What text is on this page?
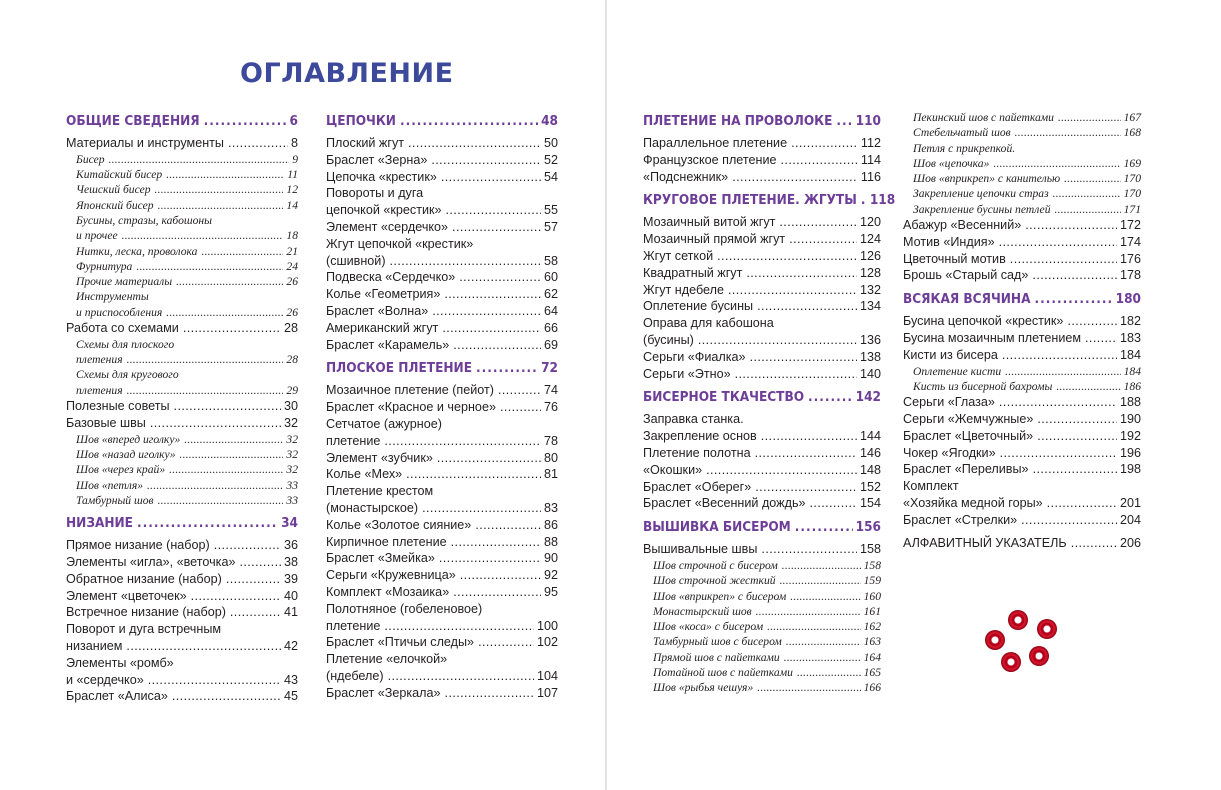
ОГЛАВЛЕНИЕ
ОБЩИЕ СВЕДЕНИЯ .....	6
Материалы и инструменты .....	8
Бисер .....	9
Китайский бисер .....	11
Чешский бисер .....	12
Японский бисер .....	14
Бусины, стразы, кабошоны
и прочее .....	18
Нитки, леска, проволока .....	21
Фурнитура .....	24
Прочие материалы .....	26
Инструменты
и приспособления .....	26
Работа со схемами .....	28
Схемы для плоского
плетения .....	28
Схемы для кругового
плетения .....	29
Полезные советы .....	30
Базовые швы .....	32
Шов «вперед иголку» .....	32
Шов «назад иголку» .....	32
Шов «через край» .....	32
Шов «петля» .....	33
Тамбурный шов .....	33
НИЗАНИЕ .....	34
Прямое низание (набор) .....	36
Элементы «игла», «веточка» .....	38
Обратное низание (набор) .....	39
Элемент «цветочек» .....	40
Встречное низание (набор) .....	41
Поворот и дуга встречным
низанием .....	42
Элементы «ромб»
и «сердечко» .....	43
Браслет «Алиса» .....	45
ЦЕПОЧКИ .....	48
Плоский жгут .....	50
Браслет «Зерна» .....	52
Цепочка «крестик» .....	54
Повороты и дуга
цепочкой «крестик» .....	55
Элемент «сердечко» .....	57
Жгут цепочкой «крестик»
(сшивной) .....	58
Подвеска «Сердечко» .....	60
Колье «Геометрия» .....	62
Браслет «Волна» .....	64
Американский жгут .....	66
Браслет «Карамель» .....	69
ПЛОСКОЕ ПЛЕТЕНИЕ .....	72
Мозаичное плетение (пейот) .....	74
Браслет «Красное и черное» .....	76
Сетчатое (ажурное)
плетение .....	78
Элемент «зубчик» .....	80
Колье «Мех» .....	81
Плетение крестом
(монастырское) .....	83
Колье «Золотое сияние» .....	86
Кирпичное плетение .....	88
Браслет «Змейка» .....	90
Серьги «Кружевница» .....	92
Комплект «Мозаика» .....	95
Полотняное (гобеленовое)
плетение .....	100
Браслет «Птичьи следы» .....	102
Плетение «елочкой»
(ндебеле) .....	104
Браслет «Зеркала» .....	107
ПЛЕТЕНИЕ НА ПРОВОЛОКЕ ..... 110
Параллельное плетение .....	112
Французское плетение .....	114
«Подснежник» .....	116
КРУГОВОЕ ПЛЕТЕНИЕ. ЖГУТЫ ..... 118
Мозаичный витой жгут .....	120
Мозаичный прямой жгут .....	124
Жгут сеткой .....	126
Квадратный жгут .....	128
Жгут ндебеле .....	132
Оплетение бусины .....	134
Оправа для кабошона
(бусины) .....	136
Серьги «Фиалка» .....	138
Серьги «Этно» .....	140
БИСЕРНОЕ ТКАЧЕСТВО .....	142
Заправка станка.
Закрепление основ .....	144
Плетение полотна .....	146
«Окошки» .....	148
Браслет «Оберег» .....	152
Браслет «Весенний дождь» .....	154
ВЫШИВКА БИСЕРОМ .....	156
Вышивальные швы .....	158
Шов строчной с бисером .....	158
Шов строчной жесткий .....	159
Шов «вприкреп» с бисером .....	160
Монастырский шов .....	161
Шов «коса» с бисером .....	162
Тамбурный шов с бисером .....	163
Прямой шов с пайетками .....	164
Потайной шов с пайетками .....	165
Шов «рыбья чешуя» .....	166
Пекинский шов с пайетками .....	167
Стебельчатый шов .....	168
Петля с прикрепкой.
Шов «цепочка» .....	169
Шов «вприкреп» с канителью .....	170
Закрепление цепочки страз .....	170
Закрепление бусины петлей .....	171
Абажур «Весенний» .....	172
Мотив «Индия» .....	174
Цветочный мотив .....	176
Брошь «Старый сад» .....	178
ВСЯКАЯ ВСЯЧИНА .....	180
Бусина цепочкой «крестик» .....	182
Бусина мозаичным плетением .....	183
Кисти из бисера .....	184
Оплетение кисти .....	184
Кисть из бисерной бахромы .....	186
Серьги «Глаза» .....	188
Серьги «Жемчужные» .....	190
Браслет «Цветочный» .....	192
Чокер «Ягодки» .....	196
Браслет «Переливы» .....	198
Комплект
«Хозяйка медной горы» .....	201
Браслет «Стрелки» .....	204
АЛФАВИТНЫЙ УКАЗАТЕЛЬ .....	206
